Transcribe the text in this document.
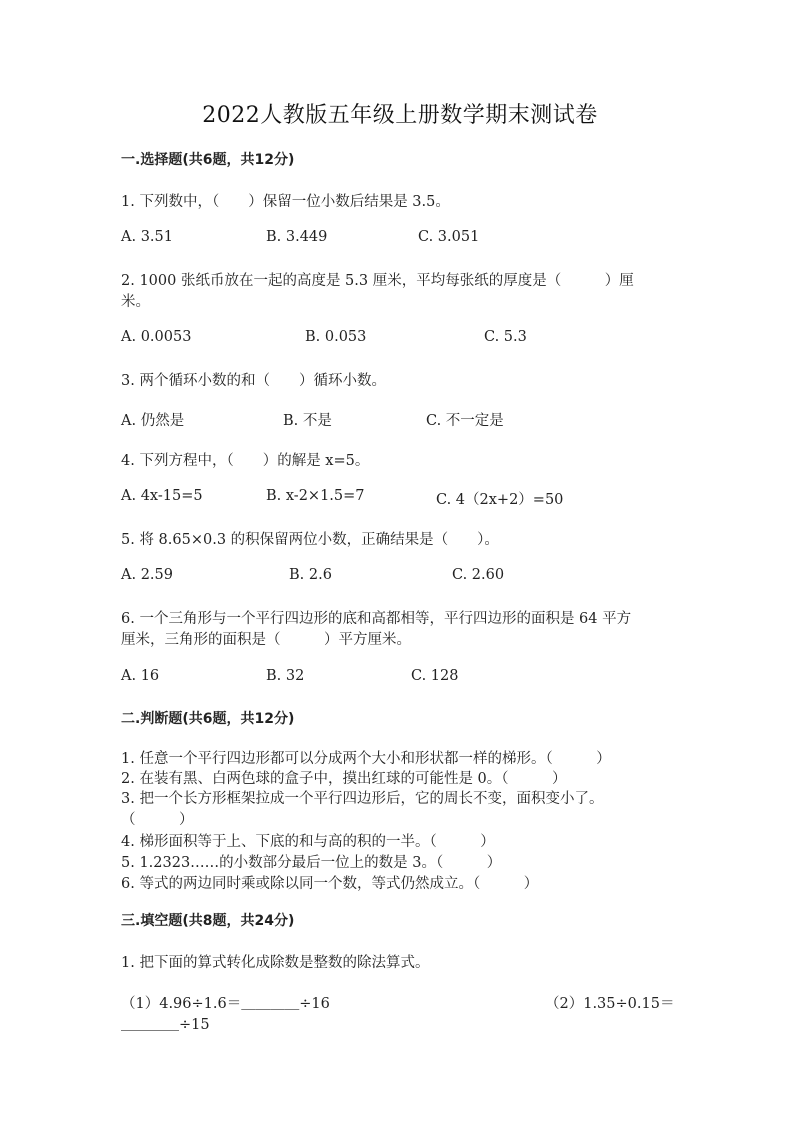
2022人教版五年级上册数学期末测试卷
一.选择题(共6题，共12分)
1. 下列数中，（　　）保留一位小数后结果是 3.5。
A. 3.51	B. 3.449	C. 3.051
2. 1000 张纸币放在一起的高度是 5.3 厘米，平均每张纸的厚度是（　　　）厘
米。
A. 0.0053	B. 0.053	C. 5.3
3. 两个循环小数的和（　　）循环小数。
A. 仍然是	B. 不是	C. 不一定是
4. 下列方程中，（　　）的解是 x=5。
A. 4x-15=5	B. x-2×1.5=7	C. 4（2x+2）=50
5. 将 8.65×0.3 的积保留两位小数，正确结果是（　　）。
A. 2.59	B. 2.6	C. 2.60
6. 一个三角形与一个平行四边形的底和高都相等，平行四边形的面积是 64 平方
厘米，三角形的面积是（　　　）平方厘米。
A. 16	B. 32	C. 128
二.判断题(共6题，共12分)
1. 任意一个平行四边形都可以分成两个大小和形状都一样的梯形。（　　　）
2. 在装有黑、白两色球的盒子中，摸出红球的可能性是 0。（　　　）
3. 把一个长方形框架拉成一个平行四边形后，它的周长不变，面积变小了。
（　　　）
4. 梯形面积等于上、下底的和与高的积的一半。（　　　）
5. 1.2323……的小数部分最后一位上的数是 3。（　　　）
6. 等式的两边同时乘或除以同一个数，等式仍然成立。（　　　）
三.填空题(共8题，共24分)
1. 把下面的算式转化成除数是整数的除法算式。
（1）4.96÷1.6＝＿＿＿＿÷16	（2）1.35÷0.15＝
＿＿＿＿÷15
